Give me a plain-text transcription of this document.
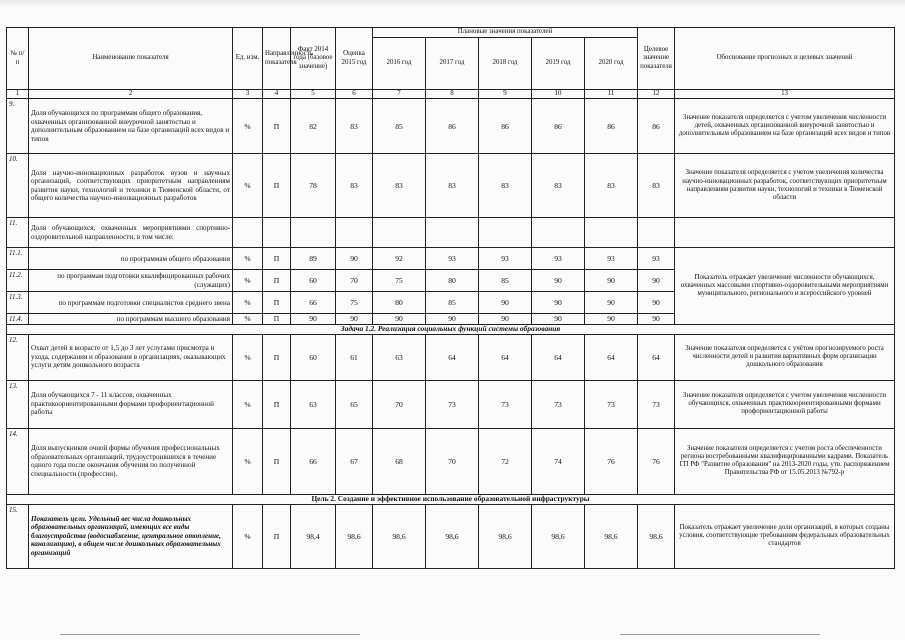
№ п/п	Наименование показателя	Ед. изм.	Направленность показателя	Факт 2014 года (базовое значение)	Оценка 2015 год	Плановые значения показателей					Целевое значение показателя	Обоснование прогнозных и целевых значений
						2016 год	2017 год	2018 год	2019 год	2020 год		
1	2	3	4	5	6	7	8	9	10	11	12	13
9.	Доля обучающихся по программам общего образования, охваченных организованной внеурочной занятостью и дополнительным образованием на базе организаций всех видов и типов	%	П	82	83	85	86	86	86	86	86	Значение показателя определяется с учетом увеличения численности детей, охваченных организованной внеурочной занятостью и дополнительным образованием на базе организаций всех видов и типов
10.	Доля научно-инновационных разработок вузов и научных организаций, соответствующих приоритетным направлениям развития науки, технологий и техники в Тюменской области, от общего количества научно-инновационных разработок	%	П	78	83	83	83	83	83	83	83	Значение показателя определяется с учетом увеличения количества научно-инновационных разработок, соответствующих приоритетным направлениям развития науки, технологий и техники в Тюменской области
11.	Доля обучающихся, охваченных мероприятиями спортивно-оздоровительной направленности, в том числе:											
11.1.	по программам общего образования	%	П	89	90	92	93	93	93	93	93	Показатель отражает увеличение численности обучающихся, охваченных массовыми спортивно-оздоровительными мероприятиями муниципального, регионального и всероссийского уровней
11.2.	по программам подготовки квалифицированных рабочих (служащих)	%	П	60	70	75	80	85	90	90	90	
11.3.	по программам подготовки специалистов среднего звена	%	П	66	75	80	85	90	90	90	90	
11.4.	по программам высшего образования	%	П	90	90	90	90	90	90	90	90	
Задача 1.2. Реализация социальных функций системы образования												
12.	Охват детей в возрасте от 1,5 до 3 лет услугами присмотра и ухода, содержания и образования в организациях, оказывающих услуги детям дошкольного возраста	%	П	60	61	63	64	64	64	64	64	Значение показателя определяется с учётом прогнозируемого роста численности детей и развития вариативных форм организации дошкольного образования
13.	Доля обучающихся 7 - 11 классов, охваченных практикоориентированными формами профориентационной работы	%	П	63	65	70	73	73	73	73	73	Значение показателя определяется с учетом увеличения численности обучающихся, охваченных практикоориентированными формами профориентационной работы
14.	Доля выпускников очной формы обучения профессиональных образовательных организаций, трудоустроившихся в течение одного года после окончания обучения по полученной специальности (профессии).	%	П	66	67	68	70	72	74	76	76	Значение показателя определяется с учетом роста обеспеченности региона востребованными квалифицированными кадрами. Показатель ГП РФ "Развитие образования" на 2013-2020 годы, утв. распоряжением Правительства РФ от 15.05.2013 №792-р
Цель 2. Создание и эффективное использование образовательной инфраструктуры												
15.	Показатель цели. Удельный вес числа дошкольных образовательных организаций, имеющих все виды благоустройства (водоснабжение, центральное отопление, канализацию), в общем числе дошкольных образовательных организаций	%	П	98,4	98,6	98,6	98,6	98,6	98,6	98,6	98,6	Показатель отражает увеличение доли организаций, в которых созданы условия, соответствующие требованиям федеральных образовательных стандартов
